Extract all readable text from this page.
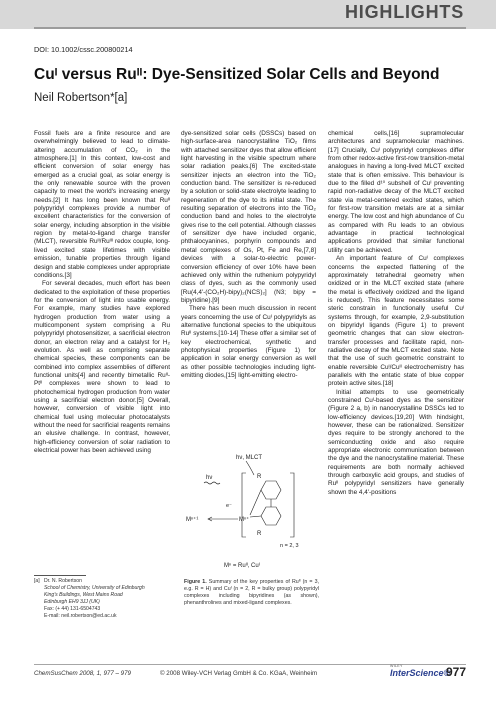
HIGHLIGHTS
DOI: 10.1002/cssc.200800214
Cuᴵ versus Ruᴵᴵ: Dye-Sensitized Solar Cells and Beyond
Neil Robertson*[a]

Fossil fuels are a finite resource and are overwhelmingly believed to lead to climate-altering accumulation of CO₂ in the atmosphere.[1] In this context, low-cost and efficient conversion of solar energy has emerged as a crucial goal, as solar energy is the only renewable source with the proven capacity to meet the world's increasing energy needs.[2] It has long been known that Ruᴵᴵ polypyridyl complexes provide a number of excellent characteristics for the conversion of solar energy, including absorption in the visible region by metal-to-ligand charge transfer (MLCT), reversible Ruᴵᴵ/Ruᴵᴵᴵ redox couple, long-lived excited state lifetimes with visible emission, tunable properties through ligand design and stable complexes under appropriate conditions.[3]

For several decades, much effort has been dedicated to the exploitation of these properties for the conversion of light into usable energy. For example, many studies have explored hydrogen production from water using a multicomponent system comprising a Ru polypyridyl photosensitizer, a sacrificial electron donor, an electron relay and a catalyst for H₂ evolution. As well as comprising separate chemical species, these components can be combined into complex assemblies of different functional units[4] and recently bimetallic Ruᴵᴵ-Ptᴵᴵ complexes were shown to lead to photochemical hydrogen production from water using a sacrificial electron donor.[5] Overall, however, conversion of visible light into chemical fuel using molecular photocatalysts without the need for sacrificial reagents remains an elusive challenge. In contrast, however, high-efficiency conversion of solar radiation to electrical power has been achieved using

dye-sensitized solar cells (DSSCs) based on high-surface-area nanocrystalline TiO₂ films with attached sensitizer dyes that allow efficient light harvesting in the visible spectrum where solar radiation peaks.[6] The excited-state sensitizer injects an electron into the TiO₂ conduction band. The sensitizer is re-reduced by a solution or solid-state electrolyte leading to regeneration of the dye to its initial state. The resulting separation of electrons into the TiO₂ conduction band and holes to the electrolyte gives rise to the cell potential. Although classes of sensitizer dye have included organic, phthalocyanines, porphyrin compounds and metal complexes of Os, Pt, Fe and Re,[7,8] devices with a solar-to-electric power-conversion efficiency of over 10% have been achieved only within the ruthenium polypyridyl class of dyes, such as the commonly used [Ru(4,4'-(CO₂H)-bipy)₂(NCS)₂] (N3; bipy = bipyridine).[9]

There has been much discussion in recent years concerning the use of Cuᴵ polypyridyls as alternative functional species to the ubiquitous Ruᴵᴵ systems.[10-14] These offer a similar set of key electrochemical, synthetic and photophysical properties (Figure 1) for application in solar energy conversion as well as other possible technologies including light-emitting diodes,[15] light-emitting electro-

chemical cells,[16] supramolecular architectures and supramolecular machines.[17] Crucially, Cuᴵ polypyridyl complexes differ from other redox-active first-row transition-metal analogues in having a long-lived MLCT excited state that is often emissive. This behaviour is due to the filled d¹⁰ subshell of Cuᴵ preventing rapid non-radiative decay of the MLCT excited state via metal-centered excited states, which for first-row transition metals are at a similar energy. The low cost and high abundance of Cu as compared with Ru leads to an obvious advantage in practical technological applications provided that similar functional utility can be achieved.

An important feature of Cuᴵ complexes concerns the expected flattening of the approximately tetrahedral geometry when oxidized or in the MLCT excited state (where the metal is effectively oxidized and the ligand is reduced). This feature necessitates some steric constrain in functionally useful Cuᴵ systems through, for example, 2,9-substitution on bipyridyl ligands (Figure 1) to prevent geometric changes that can slow electron-transfer processes and facilitate rapid, non-radiative decay of the MLCT excited state. Note that the use of such geometric constraint to enable reversible Cuᴵ/Cuᴵᴵ electrochemistry has parallels with the entatic state of blue copper protein active sites.[18]

Initial attempts to use geometrically constrained Cuᴵ-based dyes as the sensitizer (Figure 2 a, b) in nanocrystalline DSSCs led to low-efficiency devices.[19,20] With hindsight, however, these can be rationalized. Sensitizer dyes require to be strongly anchored to the semiconducting oxide and also require appropriate electronic communication between the dye and the nanocrystalline material. These requirements are both normally achieved through carboxylic acid groups, and studies of Ruᴵᴵ polypyridyl sensitizers have generally shown the 4,4'-positions

[a] Dr. N. Robertson
School of Chemistry, University of Edinburgh
King's Buildings, West Mains Road
Edinburgh EH9 3JJ (UK)
Fax: (+ 44) 131-6504743
E-mail: neil.robertson@ed.ac.uk
hν, MLCT
hν
e⁻
Mⁿ⁺¹	Mⁿ⁺
R
R
n = 2, 3
Mⁿ = Ruᴵᴵ, Cuᴵ
Figure 1. Summary of the key properties of Ruᴵᴵ (n = 3, e.g. R = H) and Cuᴵ (n = 2, R = bulky group) polypyridyl complexes including bipyridines (as shown), phenanthrolines and mixed-ligand complexes.
ChemSusChem 2008, 1, 977 – 979	© 2008 Wiley-VCH Verlag GmbH & Co. KGaA, Weinheim
WILEY
InterScience®
977
